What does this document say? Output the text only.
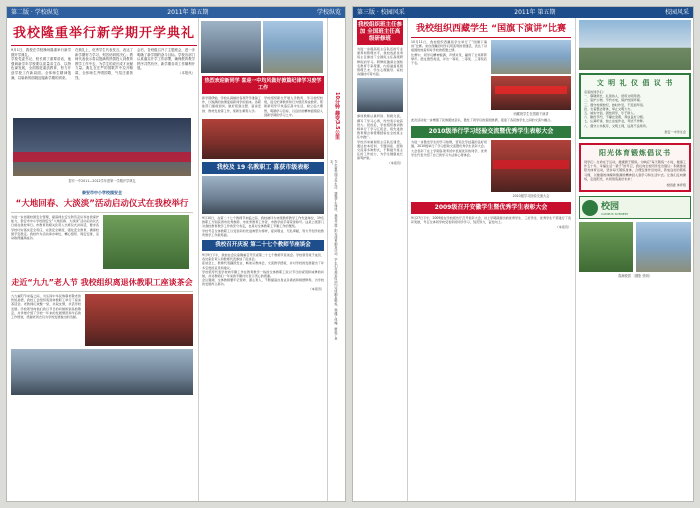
第二版 · 学校纵览	2011年 第五期	学校纵览
我校隆重举行新学期开学典礼
9月1日，我校在学校操场隆重举行新学期开学典礼。
学校党委书记、校长做了重要讲话，他强调新学年学校要以质量求生存、以特色谋发展，全面推进素质教育，努力开创学校工作新局面。全体师生精神饱满，以崭新的面貌迎接新学期的到来。
在典礼上，优秀学生代表发言，表达了新学期努力学习、刻苦钻研的决心；教师代表表示将以饱满的热情投入到教育教学工作中去，为学生的成长成才贡献力量。典礼在庄严的国歌声中拉开帷幕，全体师生齐唱国歌，气氛庄重热烈。
会后，各班级召开了主题班会，进一步明确了新学期的奋斗目标。学校各部门认真落实开学工作部署，确保教育教学秩序井然有序，新学期各项工作顺利开展。
（本报讯）
泰安一中2011—2012学年度第一学期开学典礼
泰安市中小学校园安全
“大地回春、大淡淡”活动启动仪式在我校举行
为进一步加强校园安全管理，提高师生安全防范意识和自我保护能力，泰安市中小学校园安全“大地回春、大淡淡”活动启动仪式日前在我校举行。市教育局相关负责人出席仪式并讲话，要求各学校切实落实安全责任，完善安全制度，强化安全教育，确保校园平安稳定。我校作为活动承办单位，精心组织、周密安排，活动取得圆满成功。
走近“九九”老人节 我校组织离退休教职工座谈茶会
九九重阳节来临之际，为弘扬中华民族尊老敬老的传统美德，我校工会组织离退休教职工举行了座谈茶话会。老教师们欢聚一堂，共叙友情，共话学校发展。学校领导向他们致以节日的问候和崇高的敬意，并详细介绍了学校一年来的发展情况和今后的工作规划，感谢老同志们为学校发展做出的贡献。
热烈欢迎新同学 喜迎一中均风做好掀篇纪律学习废学工作
新学期伊始，学校认真做好各项开学准备工作，以饱满的热情迎接新同学的到来。各职能部门提前到岗，做好报到注册、宿舍安排、教材发放等工作，使新生顺利入学。
学校组织新生开展入学教育，学习校纪校规，进行纪律教育和行为规范养成教育，帮助新同学尽快适应高中生活，树立远大理想，明确学习目标，以良好的精神面貌投入到新学期的学习之中。
我校及 19 名教职工 喜获市级表彰
9月10日，在第二十七个教师节来临之际，我校被评为市级教育教学工作先进单位，19名教职工分别获得市优秀教师、市优秀教育工作者、市教学能手等荣誉称号。这是上级部门对我校教育教学工作的充分肯定，也是对全体教职工辛勤工作的褒奖。
学校号召全体教职工以受表彰的先进典型为榜样，爱岗敬业、无私奉献，努力开创学校教育教学工作新局面。
我校召开庆祝 第二十七个教师节座谈会
9月9日下午，我校在会议室隆重召开庆祝第二十七个教师节座谈会。学校领导班子成员、各处室负责人和教师代表参加了座谈会。
座谈会上，教师代表踊跃发言，畅谈从教体会，交流教学经验，并对学校的发展提出了许多宝贵的意见和建议。
学校领导代表学校向辛勤工作在教育教学一线的全体教职工致以节日的祝贺和诚挚的问候，并对教师们一年来的辛勤付出表示衷心的感谢。
会议强调，全体教师要牢记使命、潜心育人，不断提高自身业务素质和师德修养，为学校的发展再立新功。
（本报讯）
10分钟 趣变3.5公里
为丰富校园文化生活，增强学生体质，我校开展了阳光体育跑步活动，学生们在规定时间内完成跑步锻炼，强健了体魄，磨炼了意志。
第三版 · 校园风采	2011年 第五期	校园风采
我校组织班主任参加 全国班主任高级研修班
为进一步提高班主任队伍的专业素养和管理水平，我校选派优秀班主任参加了全国班主任高级研修班的学习。研修班邀请全国知名教育专家授课，内容涵盖班级管理艺术、学生心理疏导、家校沟通技巧等方面。
参训教师认真听讲、积极交流，撰写了学习心得，纷纷表示收获很大。回校后，学校组织参训教师举行了学习汇报会，将先进的教育理念和管理经验在全校班主任中推广。
学校历来重视班主任队伍建设，通过校本培训、专题讲座、经验交流等多种形式，不断提升班主任的工作能力，为学生健康成长保驾护航。
（本报讯）
我校组织西藏学生 “国旗下演讲”比赛
10月11日，我校组织西藏班学生举行了“国旗下演讲”比赛。来自西藏的同学们用流利的普通话，表达了对祖国的热爱和对学校的感激之情。
比赛中，同学们精神饱满，声情并茂，赢得了全场阵阵掌声。经过激烈角逐，评出一等奖、二等奖、三等奖若干名。
西藏班学生在国旗下演讲
此次活动进一步增强了民族团结意识，激发了同学们的爱国热情，促进了各民族学生之间的交流与融合。
2010级举行学习经验交流暨优秀学生表彰大会
为进一步激发学生的学习热情，营造比学赶超的良好氛围，2010级举行了学习经验交流暨优秀学生表彰大会。大会表彰了在上学期各项考试中表现优异的同学，优秀学生代表介绍了自己的学习方法和心得体会。
2010级学习经验交流大会
2009级召开安徽学生暨优秀学生表彰大会
9月27日下午，2009级在学校报告厅召开表彰大会，对上学期涌现出的优秀学生、三好学生、优秀学生干部进行了表彰奖励，号召全体同学向受表彰的同学学习，刻苦努力，奋发向上。
（本报讯）
文 明 礼 仪 倡 议 书
亲爱的同学们：
一、尊敬师长，礼貌待人，使用文明用语。
二、爱护公物，节约水电，保护校园环境。
三、遵守校规校纪，按时作息，不迟到早退。
四、衣着整洁得体，举止文明大方。
五、诚实守信，团结同学，乐于助人。
六、勤俭节约，不攀比浪费，养成良好习惯。
七、认真听讲，独立完成作业，考试不作弊。
八、遵守公共秩序，文明上网，远离不良场所。
泰安一中学生会
阳光体育锻炼倡议书
同学们：生命在于运动，健康源于锻炼。为响应“每天锻炼一小时，健康工作五十年，幸福生活一辈子”的号召，我们向全校同学发出倡议：积极参加阳光体育运动，坚持每天锻炼身体，合理安排作息时间，养成良好的锻炼习惯，以健康的体魄和饱满的精神投入到学习和生活中去。让我们走向操场，走进阳光，共同创造美好未来！
校团委 体育组
校园
CAMPUS SCENERY
春满校园 （摄影 张明）
